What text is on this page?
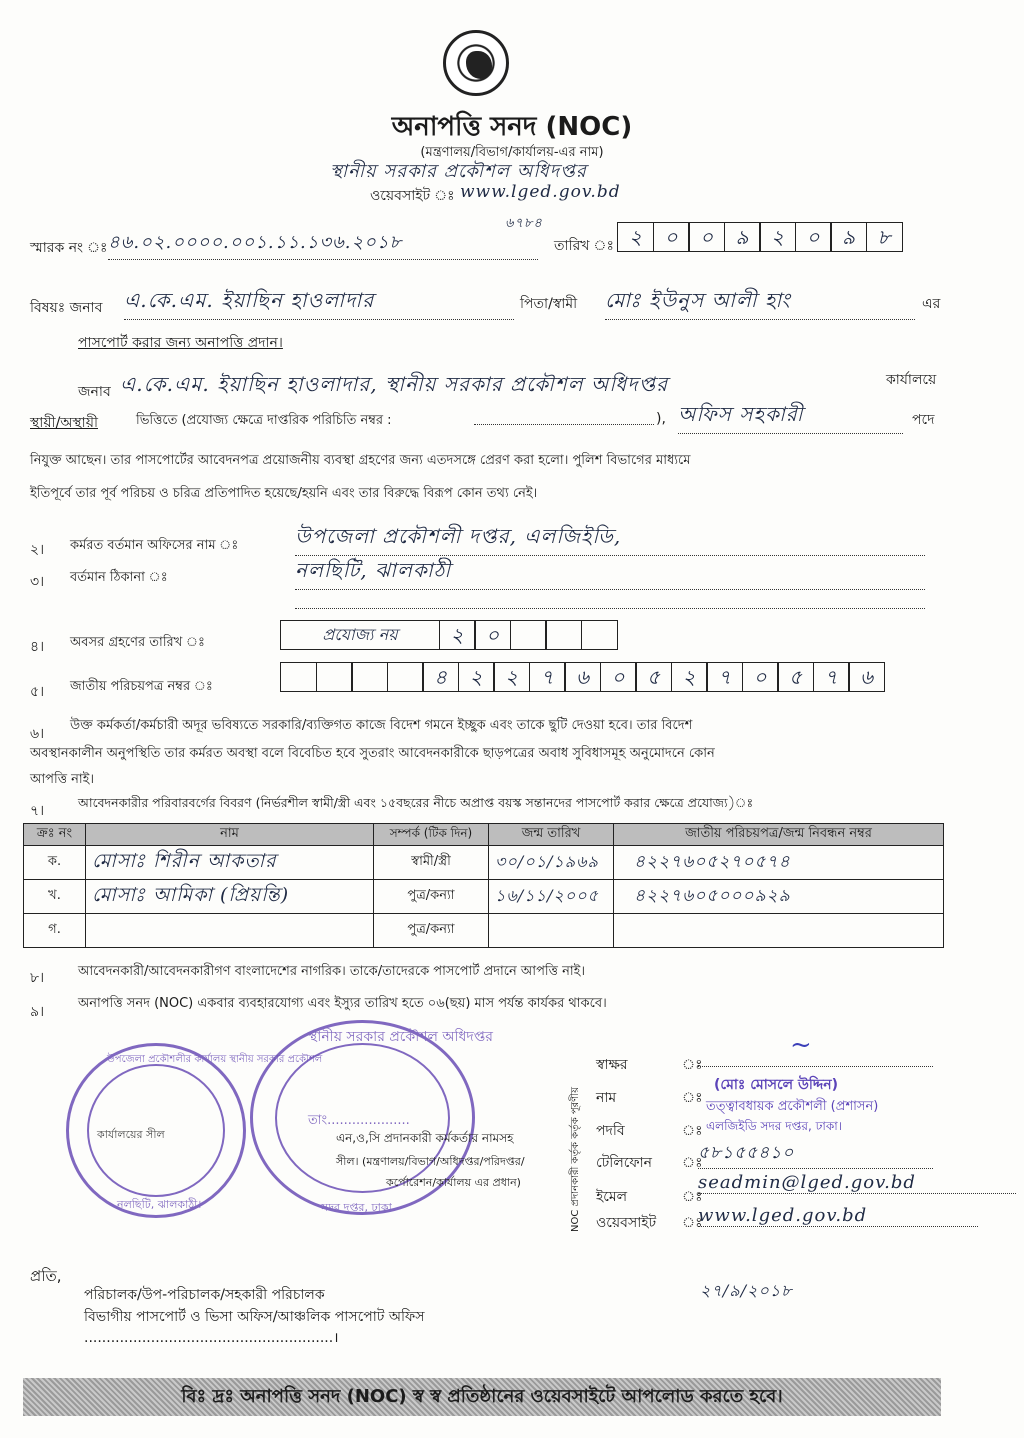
অনাপত্তি সনদ (NOC)
(মন্ত্রণালয়/বিভাগ/কার্যালয়-এর নাম)
স্থানীয় সরকার প্রকৌশল অধিদপ্তর
ওয়েবসাইট ঃ www.lged.gov.bd
স্মারক নং ঃ ৪৬.০২.০০০০.০০১.১১.১৩৬.২০১৮
৬৭৮৪
তারিখ ঃ ২	০	০	৯	২	০	৯	৮
বিষয়ঃ জনাব এ.কে.এম. ইয়াছিন হাওলাদার	পিতা/স্বামী মোঃ ইউনুস আলী হাং	এর
পাসপোর্ট করার জন্য অনাপত্তি প্রদান।
জনাব এ.কে.এম. ইয়াছিন হাওলাদার, স্থানীয় সরকার প্রকৌশল অধিদপ্তর	কার্যালয়ে
স্থায়ী/অস্থায়ী	ভিত্তিতে (প্রযোজ্য ক্ষেত্রে দাপ্তরিক পরিচিতি নম্বর :	), অফিস সহকারী	পদে
নিযুক্ত আছেন। তার পাসপোর্টের আবেদনপত্র প্রয়োজনীয় ব্যবস্থা গ্রহণের জন্য এতদসঙ্গে প্রেরণ করা হলো। পুলিশ বিভাগের মাধ্যমে
ইতিপূর্বে তার পূর্ব পরিচয় ও চরিত্র প্রতিপাদিত হয়েছে/হয়নি এবং তার বিরুদ্ধে বিরূপ কোন তথ্য নেই।
২। কর্মরত বর্তমান অফিসের নাম ঃ	উপজেলা প্রকৌশলী দপ্তর, এলজিইডি,
৩। বর্তমান ঠিকানা ঃ	নলছিটি, ঝালকাঠী
৪। অবসর গ্রহণের তারিখ ঃ	প্রযোজ্য নয়	২	০
৫। জাতীয় পরিচয়পত্র নম্বর ঃ	৪	২	২	৭	৬	০	৫	২	৭	০	৫	৭	৬
৬।
উক্ত কর্মকর্তা/কর্মচারী অদূর ভবিষ্যতে সরকারি/ব্যক্তিগত কাজে বিদেশ গমনে ইচ্ছুক এবং তাকে ছুটি দেওয়া হবে। তার বিদেশ
অবস্থানকালীন অনুপস্থিতি তার কর্মরত অবস্থা বলে বিবেচিত হবে সুতরাং আবেদনকারীকে ছাড়পত্রের অবাধ সুবিধাসমূহ অনুমোদনে কোন
আপত্তি নাই।
৭।
আবেদনকারীর পরিবারবর্গের বিবরণ (নির্ভরশীল স্বামী/স্ত্রী এবং ১৫বছরের নীচে অপ্রাপ্ত বয়স্ক সন্তানদের পাসপোর্ট করার ক্ষেত্রে প্রযোজ্য)ঃ
ক্রঃ নং	নাম	সম্পর্ক (টিক দিন)	জন্ম তারিখ	জাতীয় পরিচয়পত্র/জন্ম নিবন্ধন নম্বর
ক.	মোসাঃ শিরীন আকতার	স্বামী/স্ত্রী	৩০/০১/১৯৬৯	৪২২৭৬০৫২৭০৫৭৪
খ.	মোসাঃ আমিকা (প্রিয়ন্তি)	পুত্র/কন্যা	১৬/১১/২০০৫	৪২২৭৬০৫০০০৯২৯
গ.		পুত্র/কন্যা		
৮।	আবেদনকারী/আবেদনকারীগণ বাংলাদেশের নাগরিক। তাকে/তাদেরকে পাসপোর্ট প্রদানে আপত্তি নাই।
৯।
অনাপত্তি সনদ (NOC) একবার ব্যবহারযোগ্য এবং ইস্যুর তারিখ হতে ০৬(ছয়) মাস পর্যন্ত কার্যকর থাকবে।
উপজেলা প্রকৌশলীর কার্যালয় স্থানীয় সরকার প্রকৌশল
কার্যালয়ের সীল
নলছিটি, ঝালকাঠী।
স্থানীয় সরকার প্রকৌশল অধিদপ্তর
তাং....................
সদর দপ্তর, ঢাকা
এন,ও,সি প্রদানকারী কর্মকর্তার নামসহ
সীল। (মন্ত্রণালয়/বিভাগ/অধিদপ্তর/পরিদপ্তর/
কর্পোরেশন/কার্যালয় এর প্রধান)	NOC প্রদানকারী কর্তৃক কর্তৃক পূরণীয়
স্বাক্ষর	ঃ
~
নাম	ঃ
(মোঃ মোসলে উদ্দিন)
পদবি	ঃ
তত্ত্বাবধায়ক প্রকৌশলী (প্রশাসন)
এলজিইডি সদর দপ্তর, ঢাকা।
টেলিফোন ঃ
৫৮১৫৫৪১০
ইমেল	ঃ
seadmin@lged.gov.bd
ওয়েবসাইট ঃ
www.lged.gov.bd
২৭/৯/২০১৮
প্রতি,
পরিচালক/উপ-পরিচালক/সহকারী পরিচালক
বিভাগীয় পাসপোর্ট ও ভিসা অফিস/আঞ্চলিক পাসপোট অফিস
........................................................।
বিঃ দ্রঃ অনাপত্তি সনদ (NOC) স্ব স্ব প্রতিষ্ঠানের ওয়েবসাইটে আপলোড করতে হবে।
